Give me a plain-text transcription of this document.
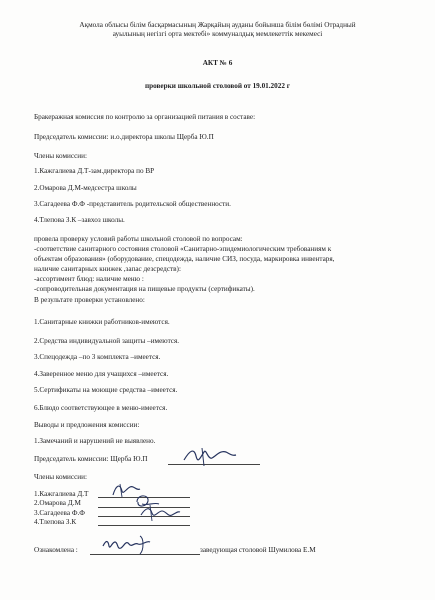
Ақмола облысы білім басқармасының Жарқайың ауданы бойынша білім бөлімі Отрадный
ауылының негізгі орта мектебі» коммуналдық мемлекеттік мекемесі
АКТ № 6
проверки школьной столовой от 19.01.2022 г
Бракеражная комиссия по контролю за организацией питания в составе:
Председатель комиссии: и.о.директора школы Щерба Ю.П
Члены комиссии:
1.Кажгалиева Д.Т-зам.директора по ВР
2.Омарова Д.М-медсестра школы
3.Сагадеева Ф.Ф -представитель родительской общественности.
4.Тлепова З.К –завхоз школы.
провела проверку условий работы школьной столовой по вопросам:
-соответствие санитарного состояния столовой «Санитарно-эпидемиологическим требованиям к
объектам образования» (оборудование, спецодежда, наличие СИЗ, посуда, маркировка инвентаря,
наличие санитарных книжек ,запас дезсредств):
-ассортимент блюд: наличие меню :
-сопроводительная документация на пищевые продукты (сертификаты).
В результате проверки установлено:
1.Санитарные книжки работников-имеются.
2.Средства индивидуальной защиты –имеются.
3.Спецодежда –по 3 комплекта –имеется.
4.Заверенное меню для учащихся –имеется.
5.Сертификаты на моющие средства –имеется.
6.Блюдо соответствующее в меню-имеется.
Выводы и предложения комиссии:
1.Замечаний и нарушений не выявлено.
Председатель комиссии: Щерба Ю.П
Члены комиссии:
1.Кажгалиева Д.Т
2.Омарова Д.М
3.Сагадеева Ф.Ф
4.Тлепова З.К
Ознакомлена :	заведующая столовой Шумилова Е.М
